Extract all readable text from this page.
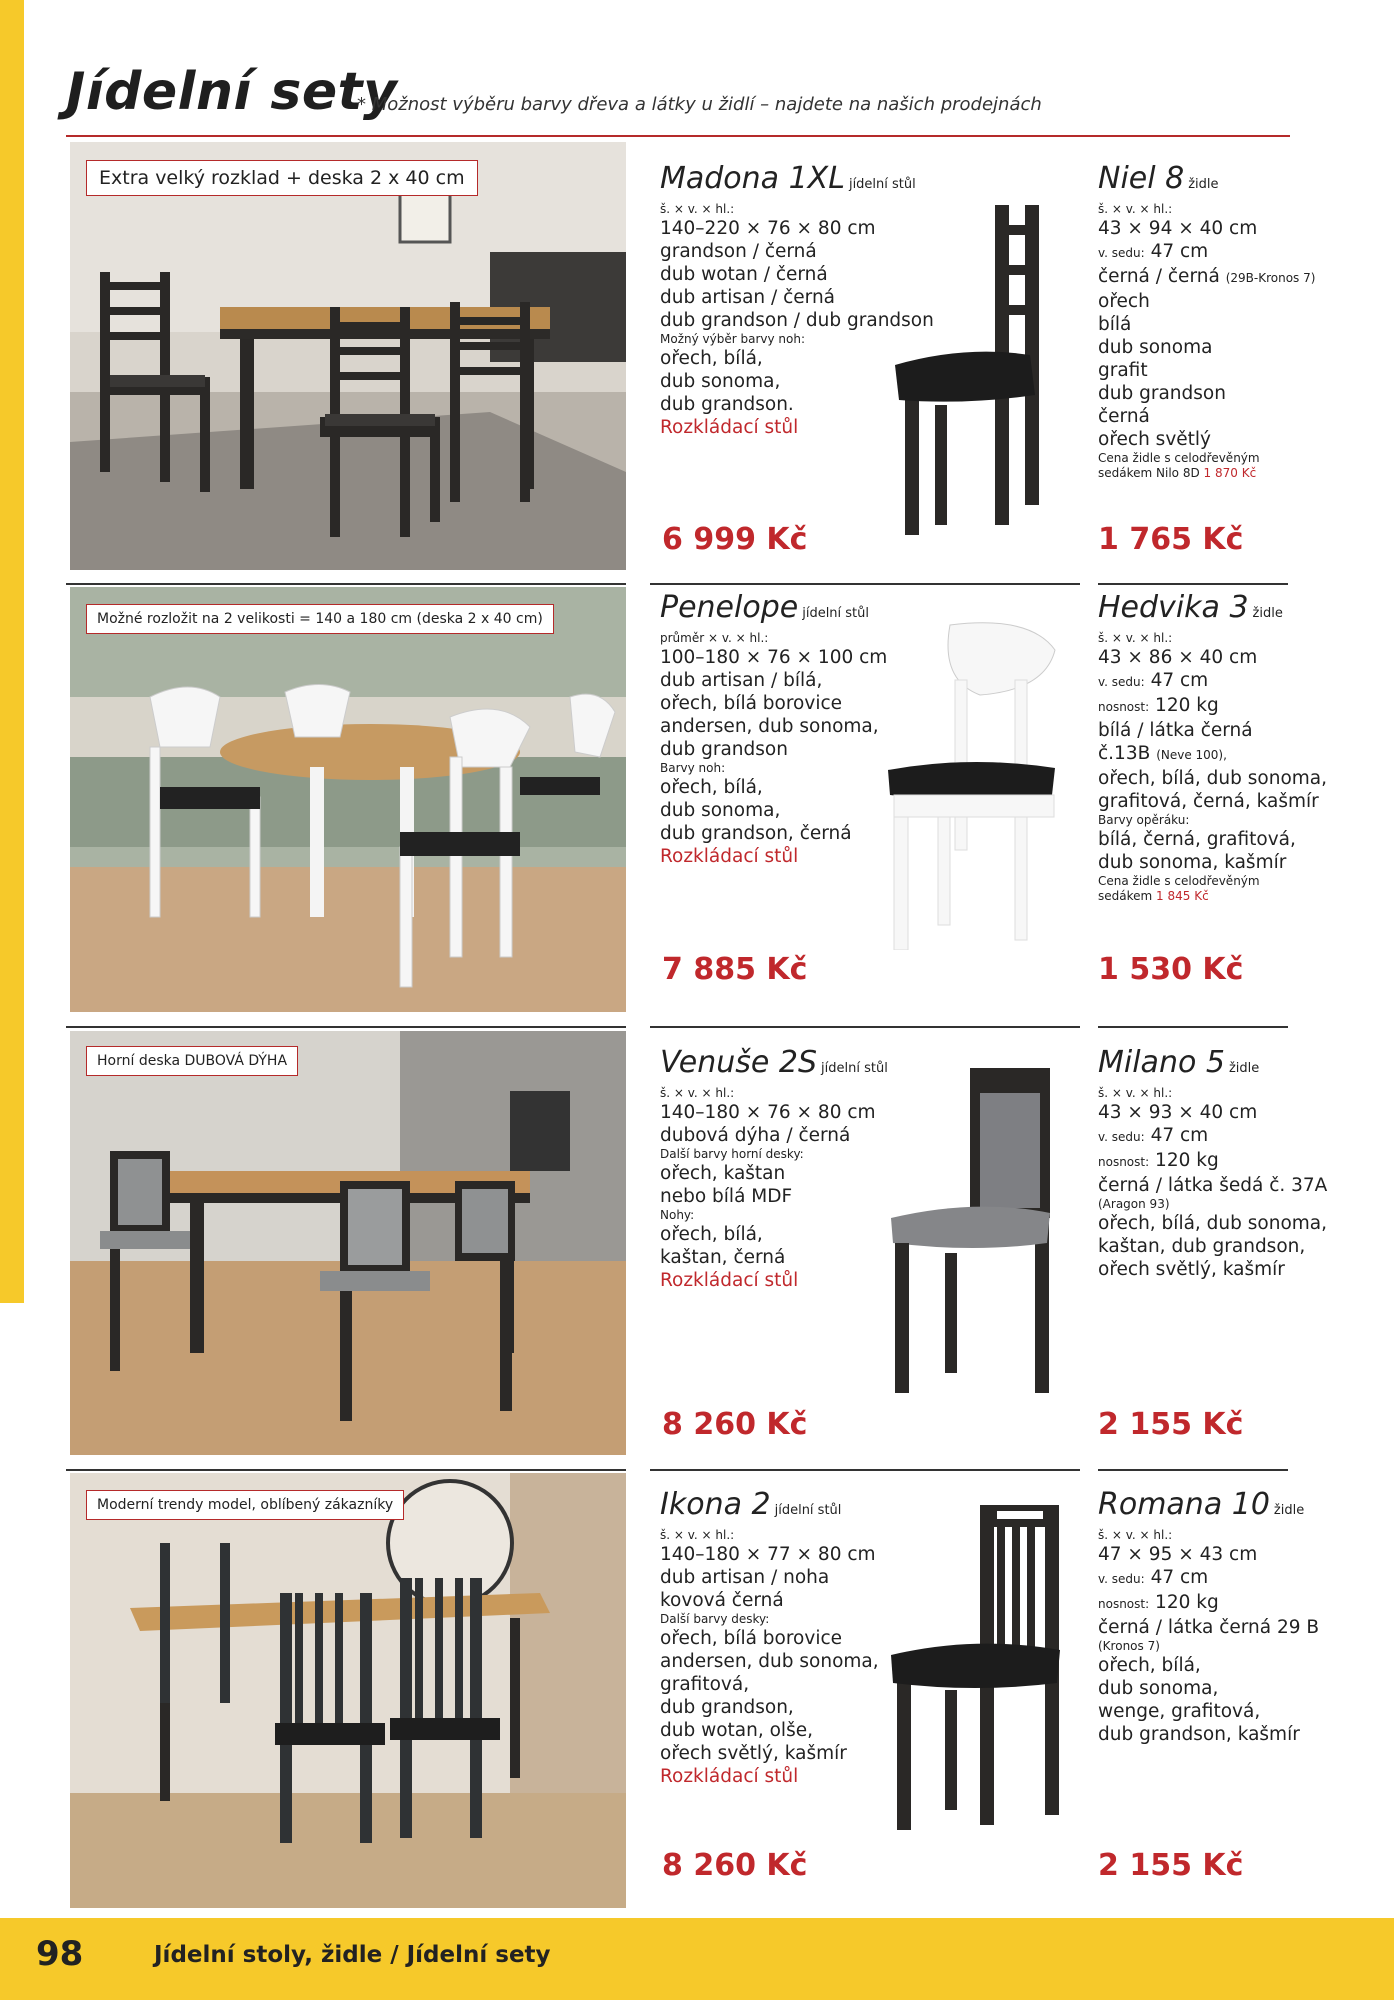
98	Jídelní stoly, židle / Jídelní sety
Jídelní sety
* Možnost výběru barvy dřeva a látky u židlí – najdete na našich prodejnách
Extra velký rozklad + deska 2 x 40 cm	Madona 1XL jídelní stůl
š. × v. × hl.:
140–220 × 76 × 80 cm
grandson / černá
dub wotan / černá
dub artisan / černá
dub grandson / dub grandson
Možný výběr barvy noh:
ořech, bílá,
dub sonoma,
dub grandson.
Rozkládací stůl
6 999 Kč
Niel 8 židle
š. × v. × hl.:
43 × 94 × 40 cm
v. sedu: 47 cm
černá / černá (29B-Kronos 7)
ořech
bílá
dub sonoma
grafit
dub grandson
černá
ořech světlý
Cena židle s celodřevěným
sedákem Nilo 8D 1 870 Kč
1 765 Kč
Možné rozložit na 2 velikosti = 140 a 180 cm (deska 2 x 40 cm)	Penelope jídelní stůl
průměr × v. × hl.:
100–180 × 76 × 100 cm
dub artisan / bílá,
ořech, bílá borovice
andersen, dub sonoma,
dub grandson
Barvy noh:
ořech, bílá,
dub sonoma,
dub grandson, černá
Rozkládací stůl
7 885 Kč
Hedvika 3 židle
š. × v. × hl.:
43 × 86 × 40 cm
v. sedu: 47 cm
nosnost: 120 kg
bílá / látka černá
č.13B (Neve 100),
ořech, bílá, dub sonoma,
grafitová, černá, kašmír
Barvy opěráku:
bílá, černá, grafitová,
dub sonoma, kašmír
Cena židle s celodřevěným
sedákem 1 845 Kč
1 530 Kč
Horní deska DUBOVÁ DÝHA	Venuše 2S jídelní stůl
š. × v. × hl.:
140–180 × 76 × 80 cm
dubová dýha / černá
Další barvy horní desky:
ořech, kaštan
nebo bílá MDF
Nohy:
ořech, bílá,
kaštan, černá
Rozkládací stůl
8 260 Kč
Milano 5 židle
š. × v. × hl.:
43 × 93 × 40 cm
v. sedu: 47 cm
nosnost: 120 kg
černá / látka šedá č. 37A
(Aragon 93)
ořech, bílá, dub sonoma,
kaštan, dub grandson,
ořech světlý, kašmír
2 155 Kč
Moderní trendy model, oblíbený zákazníky	Ikona 2 jídelní stůl
š. × v. × hl.:
140–180 × 77 × 80 cm
dub artisan / noha
kovová černá
Další barvy desky:
ořech, bílá borovice
andersen, dub sonoma,
grafitová,
dub grandson,
dub wotan, olše,
ořech světlý, kašmír
Rozkládací stůl
8 260 Kč
Romana 10 židle
š. × v. × hl.:
47 × 95 × 43 cm
v. sedu: 47 cm
nosnost: 120 kg
černá / látka černá 29 B
(Kronos 7)
ořech, bílá,
dub sonoma,
wenge, grafitová,
dub grandson, kašmír
2 155 Kč
